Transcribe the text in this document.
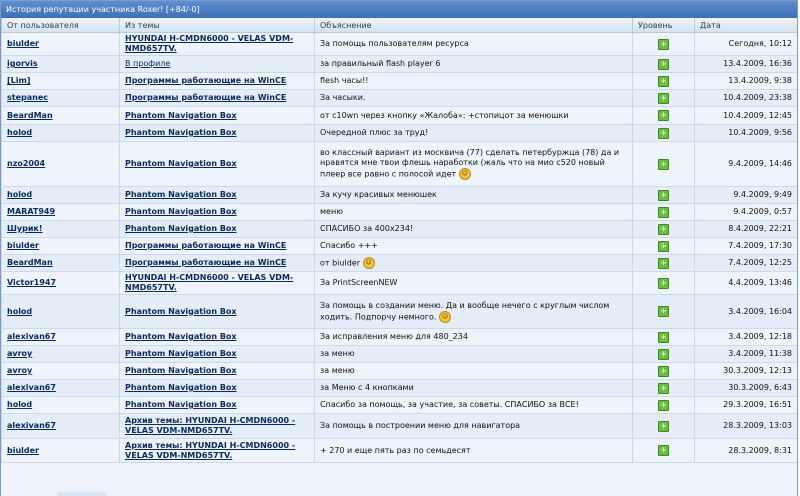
История репутации участника Roxer! [+84/-0]
От пользователя	Из темы	Объяснение	Уровень	Дата
biulder	HYUNDAI H-CMDN6000 - VELAS VDM-NMD657TV.	За помощь пользователям ресурса	+	Сегодня, 10:12
igorvis	В профиле	за правильный flash player 6	+	13.4.2009, 16:36
[Lim]	Программы работающие на WinCE	flesh часы!!	+	13.4.2009, 9:38
stepanec	Программы работающие на WinCE	За часыки.	+	10.4.2009, 23:38
BeardMan	Phantom Navigation Box	от c10wn через кнопку «Жалоба»: +стопицот за менюшки	+	10.4.2009, 12:45
holod	Phantom Navigation Box	Очередной плюс за труд!	+	10.4.2009, 9:56
nzo2004	Phantom Navigation Box	во классный вариант из москвича (77) сделать петербуржца (78) да и нравятся мне твои флешь наработки (жаль что на мио с520 новый плеер все равно с полосой идет ☺	+	9.4.2009, 14:46
holod	Phantom Navigation Box	За кучу красивых менюшек	+	9.4.2009, 9:49
MARAT949	Phantom Navigation Box	меню	+	9.4.2009, 0:57
Шурик!	Phantom Navigation Box	СПАСИБО за 400x234!	+	8.4.2009, 22:21
biulder	Программы работающие на WinCE	Спасибо +++	+	7.4.2009, 17:30
BeardMan	Программы работающие на WinCE	от biulder ☺	+	7.4.2009, 12:25
Victor1947	HYUNDAI H-CMDN6000 - VELAS VDM-NMD657TV.	За PrintScreenNEW	+	4.4.2009, 13:46
holod	Phantom Navigation Box	За помощь в создании меню. Да и вообще нечего с круглым числом ходить. Подпорчу немного. ☺	+	3.4.2009, 16:04
alexivan67	Phantom Navigation Box	За исправления меню для 480_234	+	3.4.2009, 12:18
avroy	Phantom Navigation Box	за меню	+	3.4.2009, 11:38
avroy	Phantom Navigation Box	за меню	+	30.3.2009, 12:13
alexivan67	Phantom Navigation Box	за Меню с 4 кнопками	+	30.3.2009, 6:43
holod	Phantom Navigation Box	Спасибо за помощь, за участие, за советы. СПАСИБО за ВСЕ!	+	29.3.2009, 16:51
alexivan67	Архив темы: HYUNDAI H-CMDN6000 - VELAS VDM-NMD657TV.	За помощь в построении меню для навигатора	+	28.3.2009, 13:03
biulder	Архив темы: HYUNDAI H-CMDN6000 - VELAS VDM-NMD657TV.	+ 270 и еще пять раз по семьдесят	+	28.3.2009, 8:31
